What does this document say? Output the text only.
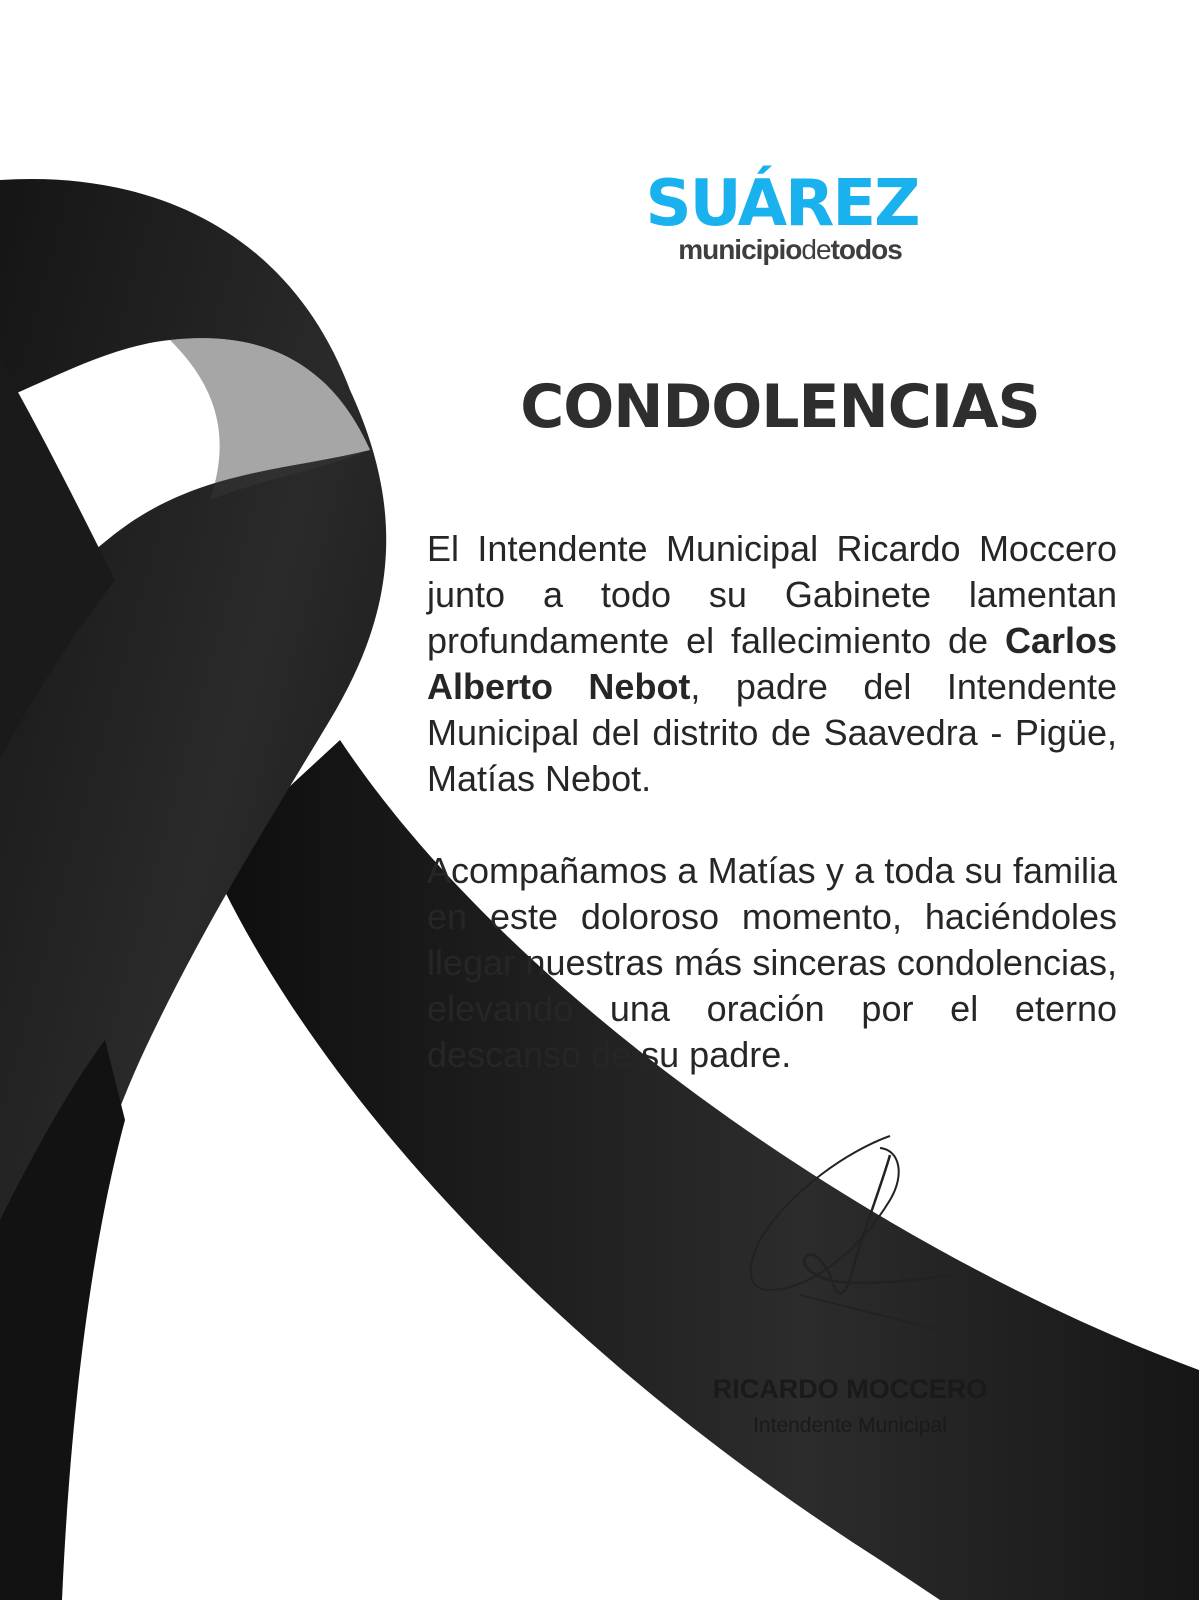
SUÁREZ
municipiodetodos
CONDOLENCIAS

El Intendente Municipal Ricardo Moccero junto a todo su Gabinete lamentan profundamente el fallecimiento de Carlos Alberto Nebot, padre del Intendente Municipal del distrito de Saavedra - Pigüe, Matías Nebot.

Acompañamos a Matías y a toda su familia en este doloroso momento, haciéndoles llegar nuestras más sinceras condolencias, elevando una oración por el eterno descanso de su padre.

RICARDO MOCCERO

Intendente Municipal
